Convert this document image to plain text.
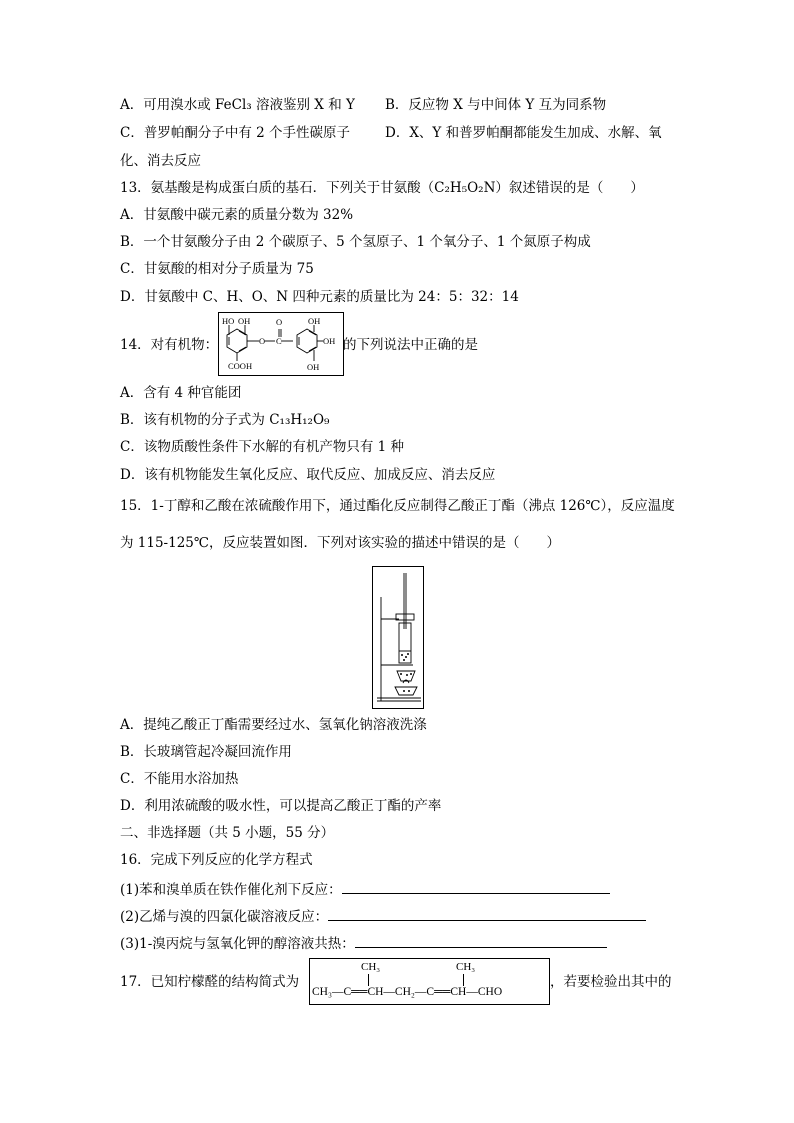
A．可用溴水或 FeCl₃ 溶液鉴别 X 和 Y B．反应物 X 与中间体 Y 互为同系物
C．普罗帕酮分子中有 2 个手性碳原子	D．X、Y 和普罗帕酮都能发生加成、水解、氧
化、消去反应
13．氨基酸是构成蛋白质的基石．下列关于甘氨酸（C₂H₅O₂N）叙述错误的是（　　）
A．甘氨酸中碳元素的质量分数为 32%
B．一个甘氨酸分子由 2 个碳原子、5 个氢原子、1 个氧分子、1 个氮原子构成
C．甘氨酸的相对分子质量为 75
D．甘氨酸中 C、H、O、N 四种元素的质量比为 24：5：32：14
14．对有机物：
HO OH
COOH
O
O
C
OH
OH
OH
的下列说法中正确的是
A．含有 4 种官能团
B．该有机物的分子式为 C₁₃H₁₂O₉
C．该物质酸性条件下水解的有机产物只有 1 种
D．该有机物能发生氧化反应、取代反应、加成反应、消去反应
15．1-丁醇和乙酸在浓硫酸作用下，通过酯化反应制得乙酸正丁酯（沸点 126℃），反应温度
为 115-125℃，反应装置如图．下列对该实验的描述中错误的是（　　）
A．提纯乙酸正丁酯需要经过水、氢氧化钠溶液洗涤
B．长玻璃管起冷凝回流作用
C．不能用水浴加热
D．利用浓硫酸的吸水性，可以提高乙酸正丁酯的产率
二、非选择题（共 5 小题，55 分）
16．完成下列反应的化学方程式
(1)苯和溴单质在铁作催化剂下反应：
(2)乙烯与溴的四氯化碳溶液反应：
(3)1-溴丙烷与氢氧化钾的醇溶液共热：
17．已知柠檬醛的结构简式为
CH₃	CH₃
CH₃—C══CH—CH₂—C══CH—CHO
，若要检验出其中的
